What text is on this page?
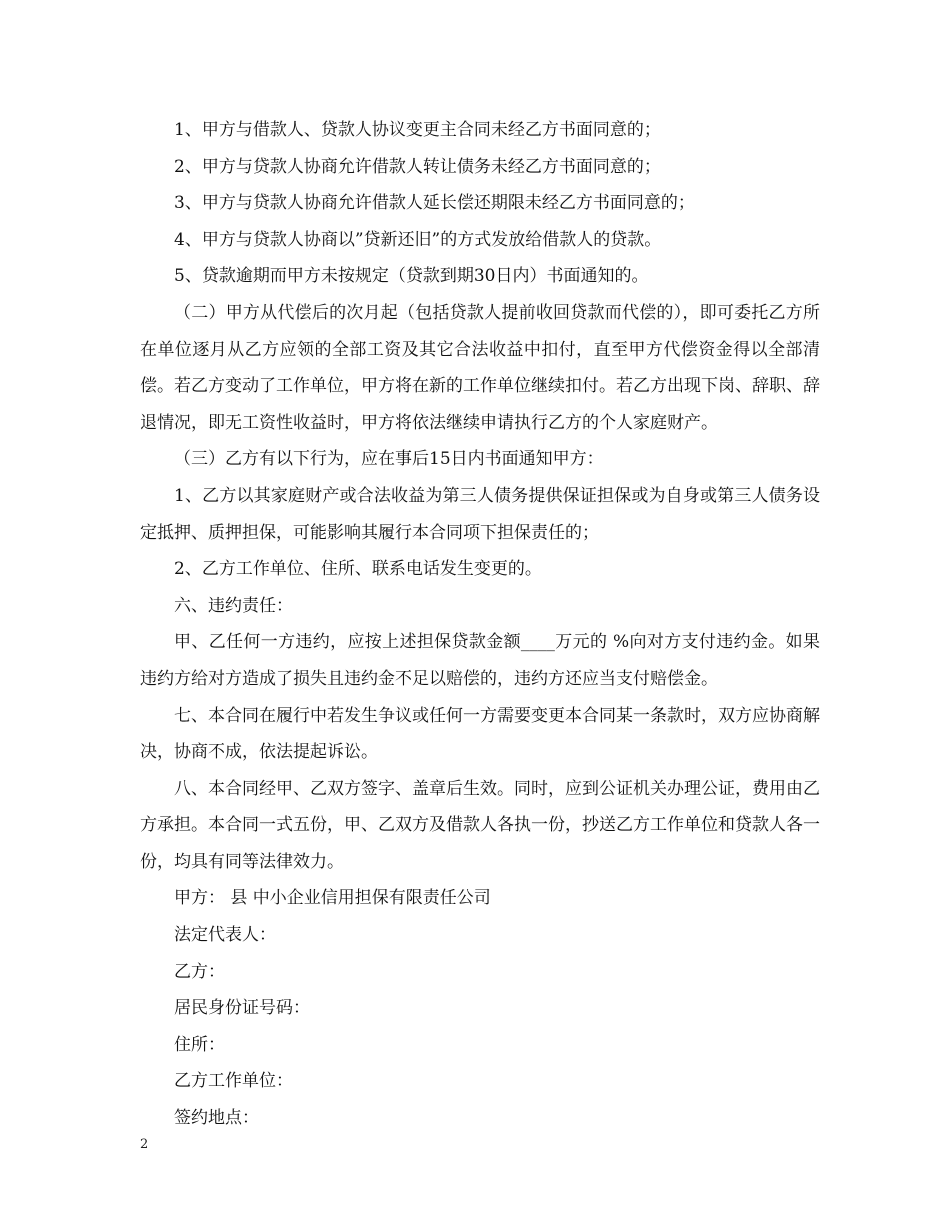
1、甲方与借款人、贷款人协议变更主合同未经乙方书面同意的；

2、甲方与贷款人协商允许借款人转让债务未经乙方书面同意的；

3、甲方与贷款人协商允许借款人延长偿还期限未经乙方书面同意的；

4、甲方与贷款人协商以”贷新还旧”的方式发放给借款人的贷款。

5、贷款逾期而甲方未按规定（贷款到期30日内）书面通知的。

（二）甲方从代偿后的次月起（包括贷款人提前收回贷款而代偿的），即可委托乙方所在单位逐月从乙方应领的全部工资及其它合法收益中扣付，直至甲方代偿资金得以全部清偿。若乙方变动了工作单位，甲方将在新的工作单位继续扣付。若乙方出现下岗、辞职、辞退情况，即无工资性收益时，甲方将依法继续申请执行乙方的个人家庭财产。

（三）乙方有以下行为，应在事后15日内书面通知甲方：

1、乙方以其家庭财产或合法收益为第三人债务提供保证担保或为自身或第三人债务设定抵押、质押担保，可能影响其履行本合同项下担保责任的；

2、乙方工作单位、住所、联系电话发生变更的。

六、违约责任：

甲、乙任何一方违约，应按上述担保贷款金额____万元的 %向对方支付违约金。如果违约方给对方造成了损失且违约金不足以赔偿的，违约方还应当支付赔偿金。

七、本合同在履行中若发生争议或任何一方需要变更本合同某一条款时，双方应协商解决，协商不成，依法提起诉讼。

八、本合同经甲、乙双方签字、盖章后生效。同时，应到公证机关办理公证，费用由乙方承担。本合同一式五份，甲、乙双方及借款人各执一份，抄送乙方工作单位和贷款人各一份，均具有同等法律效力。

甲方： 县 中小企业信用担保有限责任公司

法定代表人：

乙方：

居民身份证号码：

住所：

乙方工作单位：

签约地点：

2
